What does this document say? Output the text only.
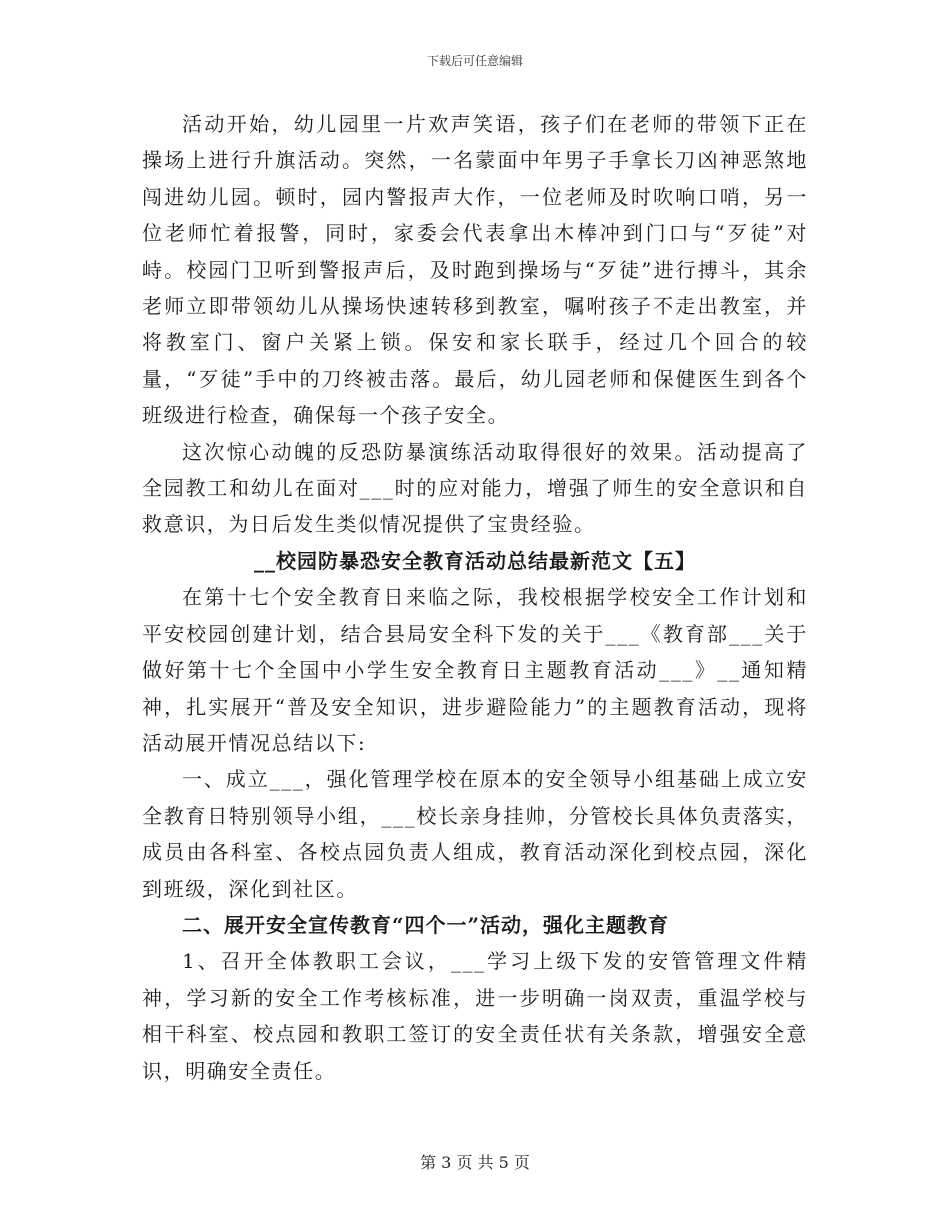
下载后可任意编辑

活动开始，幼儿园里一片欢声笑语，孩子们在老师的带领下正在操场上进行升旗活动。突然，一名蒙面中年男子手拿长刀凶神恶煞地闯进幼儿园。顿时，园内警报声大作，一位老师及时吹响口哨，另一位老师忙着报警，同时，家委会代表拿出木棒冲到门口与“歹徒”对峙。校园门卫听到警报声后，及时跑到操场与“歹徒”进行搏斗，其余老师立即带领幼儿从操场快速转移到教室，嘱咐孩子不走出教室，并将教室门、窗户关紧上锁。保安和家长联手，经过几个回合的较量，“歹徒”手中的刀终被击落。最后，幼儿园老师和保健医生到各个班级进行检查，确保每一个孩子安全。

这次惊心动魄的反恐防暴演练活动取得很好的效果。活动提高了全园教工和幼儿在面对___时的应对能力，增强了师生的安全意识和自救意识，为日后发生类似情况提供了宝贵经验。

__校园防暴恐安全教育活动总结最新范文【五】

在第十七个安全教育日来临之际，我校根据学校安全工作计划和平安校园创建计划，结合县局安全科下发的关于___《教育部___关于做好第十七个全国中小学生安全教育日主题教育活动___》__通知精神，扎实展开“普及安全知识，进步避险能力”的主题教育活动，现将活动展开情况总结以下:

一、成立___，强化管理学校在原本的安全领导小组基础上成立安全教育日特别领导小组，___校长亲身挂帅，分管校长具体负责落实，成员由各科室、各校点园负责人组成，教育活动深化到校点园，深化到班级，深化到社区。

二、展开安全宣传教育“四个一”活动，强化主题教育

1、召开全体教职工会议，___学习上级下发的安管管理文件精神，学习新的安全工作考核标准，进一步明确一岗双责，重温学校与相干科室、校点园和教职工签订的安全责任状有关条款，增强安全意识，明确安全责任。

第 3 页 共 5 页
